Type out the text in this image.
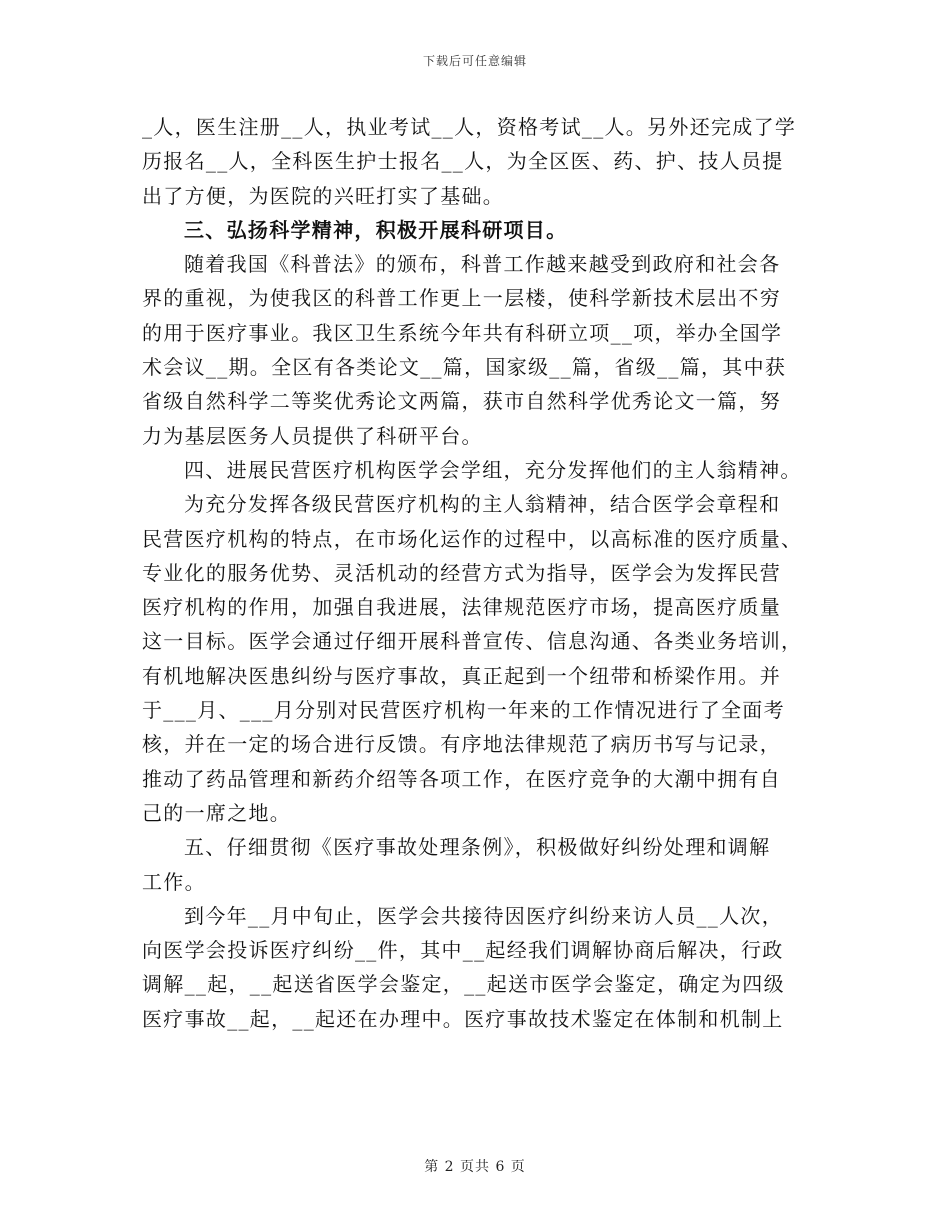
下载后可任意编辑
_人，医生注册__人，执业考试__人，资格考试__人。另外还完成了学
历报名__人，全科医生护士报名__人，为全区医、药、护、技人员提
出了方便，为医院的兴旺打实了基础。
三、弘扬科学精神，积极开展科研项目。
随着我国《科普法》的颁布，科普工作越来越受到政府和社会各
界的重视，为使我区的科普工作更上一层楼，使科学新技术层出不穷
的用于医疗事业。我区卫生系统今年共有科研立项__项，举办全国学
术会议__期。全区有各类论文__篇，国家级__篇，省级__篇，其中获
省级自然科学二等奖优秀论文两篇，获市自然科学优秀论文一篇，努
力为基层医务人员提供了科研平台。
四、进展民营医疗机构医学会学组，充分发挥他们的主人翁精神。
为充分发挥各级民营医疗机构的主人翁精神，结合医学会章程和
民营医疗机构的特点，在市场化运作的过程中，以高标准的医疗质量、
专业化的服务优势、灵活机动的经营方式为指导，医学会为发挥民营
医疗机构的作用，加强自我进展，法律规范医疗市场，提高医疗质量
这一目标。医学会通过仔细开展科普宣传、信息沟通、各类业务培训，
有机地解决医患纠纷与医疗事故，真正起到一个纽带和桥梁作用。并
于___月、___月分别对民营医疗机构一年来的工作情况进行了全面考
核，并在一定的场合进行反馈。有序地法律规范了病历书写与记录，
推动了药品管理和新药介绍等各项工作，在医疗竞争的大潮中拥有自
己的一席之地。
五、仔细贯彻《医疗事故处理条例》，积极做好纠纷处理和调解
工作。
到今年__月中旬止，医学会共接待因医疗纠纷来访人员__人次，
向医学会投诉医疗纠纷__件，其中__起经我们调解协商后解决，行政
调解__起，__起送省医学会鉴定，__起送市医学会鉴定，确定为四级
医疗事故__起，__起还在办理中。医疗事故技术鉴定在体制和机制上
第 2 页共 6 页
